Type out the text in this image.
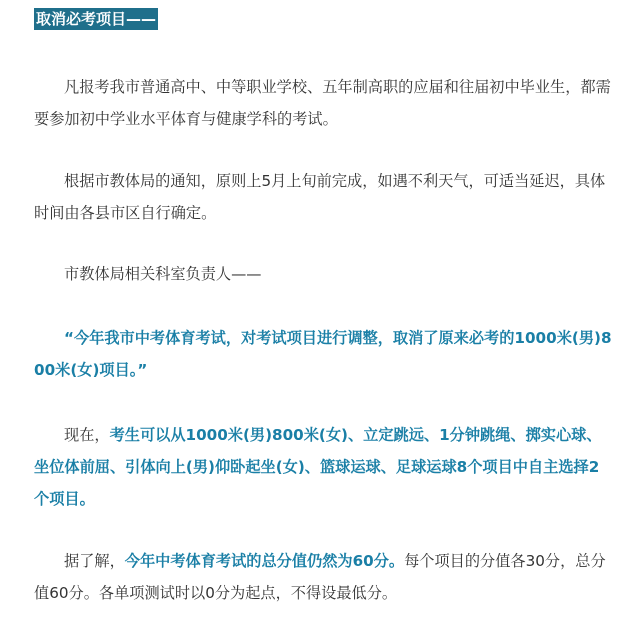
取消必考项目——

凡报考我市普通高中、中等职业学校、五年制高职的应届和往届初中毕业生，都需要参加初中学业水平体育与健康学科的考试。

根据市教体局的通知，原则上5月上旬前完成，如遇不利天气，可适当延迟，具体时间由各县市区自行确定。

市教体局相关科室负责人——

“今年我市中考体育考试，对考试项目进行调整，取消了原来必考的1000米(男)800米(女)项目。”

现在，考生可以从1000米(男)800米(女)、立定跳远、1分钟跳绳、掷实心球、坐位体前屈、引体向上(男)仰卧起坐(女)、篮球运球、足球运球8个项目中自主选择2个项目。

据了解，今年中考体育考试的总分值仍然为60分。每个项目的分值各30分，总分值60分。各单项测试时以0分为起点，不得设最低分。
